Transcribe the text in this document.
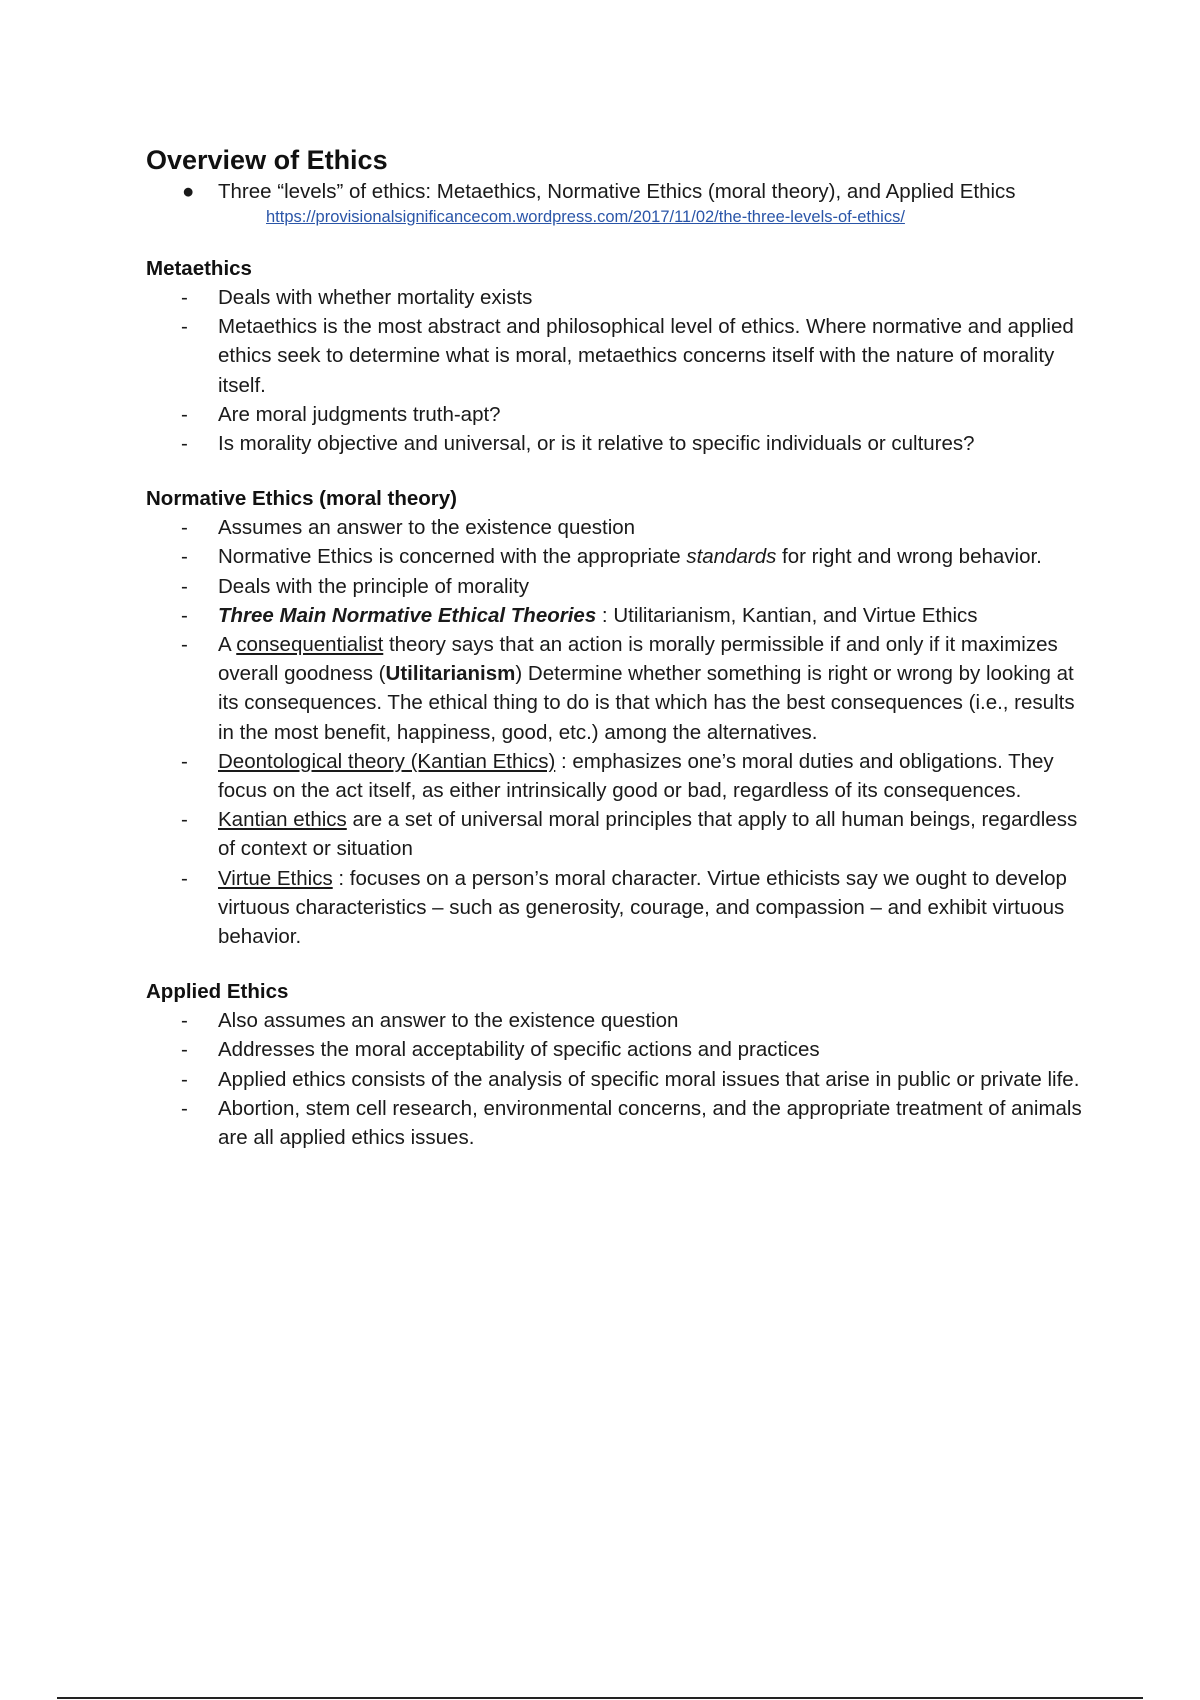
Overview of Ethics
● Three “levels” of ethics: Metaethics, Normative Ethics (moral theory), and Applied Ethics
https://provisionalsignificancecom.wordpress.com/2017/11/02/the-three-levels-of-ethics/
Metaethics
- Deals with whether mortality exists
- Metaethics is the most abstract and philosophical level of ethics. Where normative and applied ethics seek to determine what is moral, metaethics concerns itself with the nature of morality itself.
- Are moral judgments truth-apt?
- Is morality objective and universal, or is it relative to specific individuals or cultures?
Normative Ethics (moral theory)
- Assumes an answer to the existence question
- Normative Ethics is concerned with the appropriate standards for right and wrong behavior.
- Deals with the principle of morality
- Three Main Normative Ethical Theories : Utilitarianism, Kantian, and Virtue Ethics
- A consequentialist theory says that an action is morally permissible if and only if it maximizes overall goodness (Utilitarianism) Determine whether something is right or wrong by looking at its consequences. The ethical thing to do is that which has the best consequences (i.e., results in the most benefit, happiness, good, etc.) among the alternatives.
- Deontological theory (Kantian Ethics) : emphasizes one’s moral duties and obligations. They focus on the act itself, as either intrinsically good or bad, regardless of its consequences.
- Kantian ethics are a set of universal moral principles that apply to all human beings, regardless of context or situation
- Virtue Ethics : focuses on a person’s moral character. Virtue ethicists say we ought to develop virtuous characteristics – such as generosity, courage, and compassion – and exhibit virtuous behavior.
Applied Ethics
- Also assumes an answer to the existence question
- Addresses the moral acceptability of specific actions and practices
- Applied ethics consists of the analysis of specific moral issues that arise in public or private life.
- Abortion, stem cell research, environmental concerns, and the appropriate treatment of animals are all applied ethics issues.
